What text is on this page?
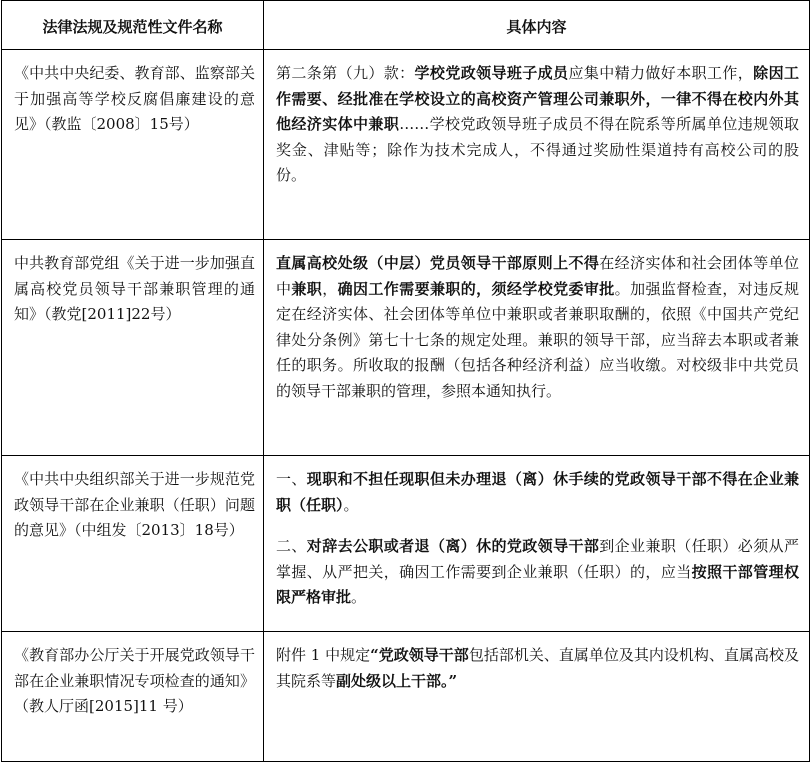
法律法规及规范性文件名称	具体内容
《中共中央纪委、教育部、监察部关于加强高等学校反腐倡廉建设的意见》（教监〔2008〕15号）	第二条第（九）款：学校党政领导班子成员应集中精力做好本职工作，除因工作需要、经批准在学校设立的高校资产管理公司兼职外，一律不得在校内外其他经济实体中兼职……学校党政领导班子成员不得在院系等所属单位违规领取奖金、津贴等；除作为技术完成人，不得通过奖励性渠道持有高校公司的股份。

中共教育部党组《关于进一步加强直属高校党员领导干部兼职管理的通知》（教党[2011]22号）	直属高校处级（中层）党员领导干部原则上不得在经济实体和社会团体等单位中兼职，确因工作需要兼职的，须经学校党委审批。加强监督检查，对违反规定在经济实体、社会团体等单位中兼职或者兼职取酬的，依照《中国共产党纪律处分条例》第七十七条的规定处理。兼职的领导干部，应当辞去本职或者兼任的职务。所收取的报酬（包括各种经济利益）应当收缴。对校级非中共党员的领导干部兼职的管理，参照本通知执行。

《中共中央组织部关于进一步规范党政领导干部在企业兼职（任职）问题的意见》（中组发〔2013〕18号）	一、现职和不担任现职但未办理退（离）休手续的党政领导干部不得在企业兼职（任职）。

二、对辞去公职或者退（离）休的党政领导干部到企业兼职（任职）必须从严掌握、从严把关，确因工作需要到企业兼职（任职）的，应当按照干部管理权限严格审批。

《教育部办公厅关于开展党政领导干部在企业兼职情况专项检查的通知》（教人厅函[2015]11 号）	附件 1 中规定“党政领导干部包括部机关、直属单位及其内设机构、直属高校及其院系等副处级以上干部。”
